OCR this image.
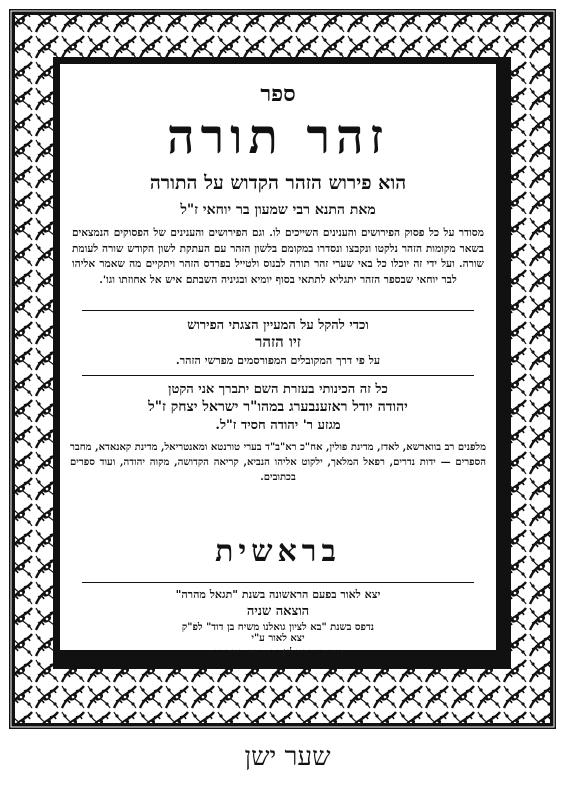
ספר
זהר תורה
הוא פירוש הזהר הקדוש על התורה
מאת התנא רבי שמעון בר יוחאי ז"ל
מסודר על כל פסוק הפירושים והענינים השייכים לו. וגם הפירושים והענינים של הפסוקים הנמצאים בשאר מקומות הזהר נלקטו ונקבצו ונסדרו במקומם בלשון הזהר עם העתקת לשון הקודש שורה לעומת שורה. ועל ידי זה יוכלו כל באי שערי זהר תורה לבנוס ולטייל בפרדס הזהר ויתקיים מה שאמר אליהו לבר יוחאי שבספר הזהר יתגליא לתתאי בסוף יומיא ובגיניה השבתם איש אל אחוזתו וגו'.
וכדי להקל על המעיין הצגתי הפירוש
זיו הזהר
על פי דרך המקובלים המפורסמים מפרשי הזהר.
כל זה הכינותי בעזרת השם יתברך אני הקטן
יהודה יודל ראזענבערג במהו"ר ישראל יצחק ז"ל
מגזע ר' יהודה חסיד ז"ל.
מלפנים רב בווארשא, לאדז, מדינת פולין, אח"כ רא"ב"ד בערי טורנטא ומאנטריאל, מדינת קאנאדא, מחבר הספרים — ידות נדרים, רפאל המלאך, ילקוט אליהו הנביא, קריאה הקדושה, מקוה יהודה, ועוד ספרים בכתובים.
בראשית
יצא לאור בפעם הראשונה בשנת "תגאל מהרה"
הוצאה שניה
נדפס בשנת "בא לציון גואלנו משיח בן דוד" לפ"ק
יצא לאור ע"י
צבי יצחק גלאסס, נכד המחבר
שער ישן
